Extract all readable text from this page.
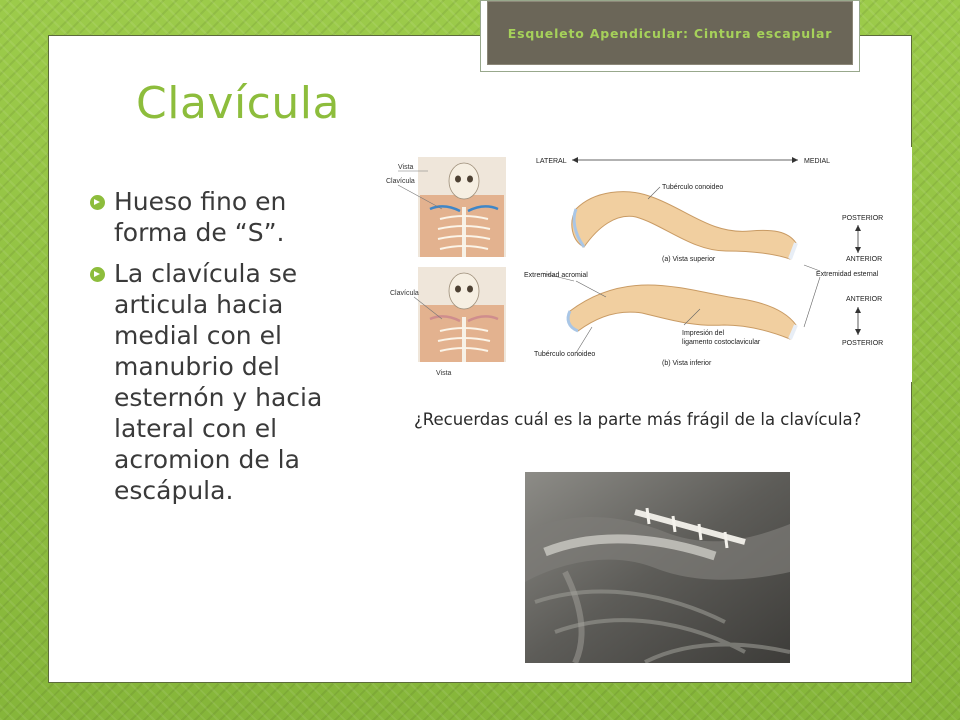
Esqueleto Apendicular: Cintura escapular
Clavícula
Hueso fino en forma de “S”.
La clavícula se articula hacia medial con el manubrio del esternón y hacia lateral con el acromion de la escápula.
Vista
Clavícula
Clavícula
Vista
LATERAL	MEDIAL
Tubérculo conoideo
(a) Vista superior
Extremidad acromial
Impresión del
ligamento costoclavicular
Tubérculo conoideo
(b) Vista inferior
POSTERIOR
ANTERIOR
Extremidad esternal
ANTERIOR
POSTERIOR

¿Recuerdas cuál es la parte más frágil de la clavícula?
